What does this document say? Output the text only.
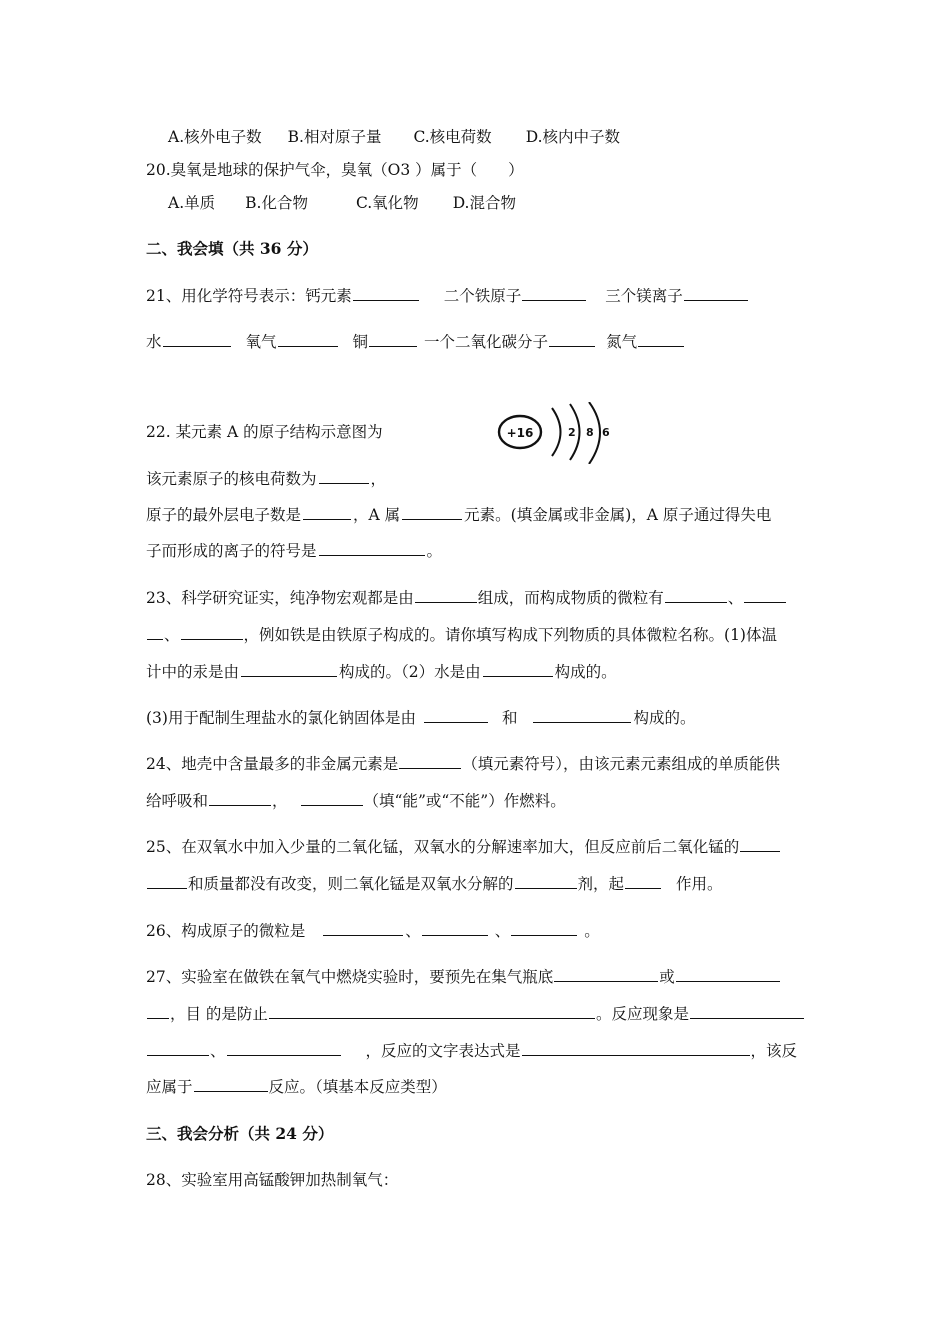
A.核外电子数 B.相对原子量 C.核电荷数 D.核内中子数
20.臭氧是地球的保护气伞，臭氧（O3 ）属于（　　）
A.单质 B.化合物	C.氧化物 D.混合物
二、我会填（共 36 分）
21、用化学符号表示：钙元素	二个铁原子	三个镁离子
水	氧气	铜	一个二氧化碳分子	氮气
22. 某元素 A 的原子结构示意图为	+16	2 8 6
该元素原子的核电荷数为	，
原子的最外层电子数是	，A 属	元素。(填金属或非金属)，A 原子通过得失电
子而形成的离子的符号是	。
23、科学研究证实，纯净物宏观都是由	组成，而构成物质的微粒有	、
、	，例如铁是由铁原子构成的。请你填写构成下列物质的具体微粒名称。(1)体温
计中的汞是由	构成的。（2）水是由	构成的。
(3)用于配制生理盐水的氯化钠固体是由	和	构成的。
24、地壳中含量最多的非金属元素是	（填元素符号），由该元素元素组成的单质能供
给呼吸和	，	（填“能”或“不能”）作燃料。
25、在双氧水中加入少量的二氧化锰，双氧水的分解速率加大，但反应前后二氧化锰的
和质量都没有改变，则二氧化锰是双氧水分解的	剂，起	作用。
26、构成原子的微粒是	、	、	。
27、实验室在做铁在氧气中燃烧实验时，要预先在集气瓶底	或
，目 的是防止	。反应现象是
、	，反应的文字表达式是	，该反
应属于	反应。（填基本反应类型）
三、我会分析（共 24 分）
28、实验室用高锰酸钾加热制氧气：
